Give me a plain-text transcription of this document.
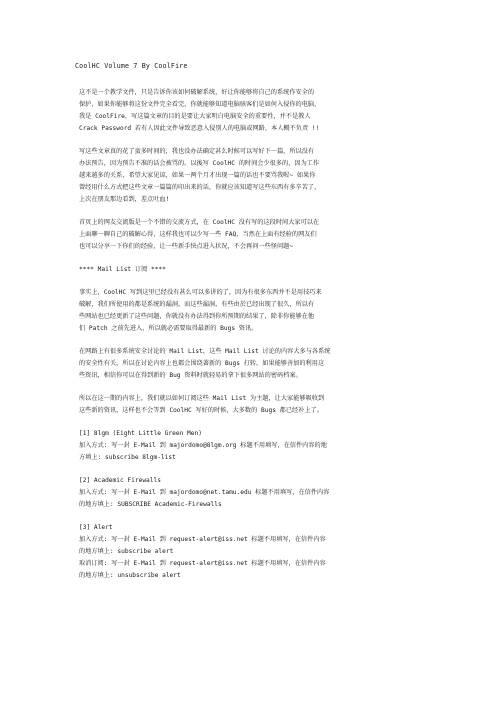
CoolHC Volume 7 By CoolFire
这不是一个教学文件，只是告诉你该如何破解系统，好让你能够将自己的系统作安全的
保护，如果你能够将这份文件完全看完，你就能够知道电脑骇客们是如何入侵你的电脑，
我是 CoolFire，写这篇文章的目的是要让大家明白电脑安全的重要性，并不是教人
Crack Password 若有人因此文件导致恶意入侵别人的电脑或网路，本人概不负责 !!
写这些文章真的花了蛮多时间的，我也没办法确定甚么时候可以写好下一篇，所以没有
办法预告，因为预告不准的话会被骂的。以後写 CoolHC 的时间会少很多的，因为工作
越来越多的关系，希望大家见谅，如果一两个月才出现一篇的话也不要骂我喔~ 如果你
曾经用什么方式把这些文章一篇篇的印出来的话，你就应该知道写这些东西有多辛苦了，
上次在朋友那边看到，差点吐血!
首页上的网友交流版是一个不错的交流方式，在 CoolHC 没有写的这段时间大家可以在
上面聊一聊自己的破解心得，这样我也可以少写一些 FAQ，当然在上面有经验的网友们
也可以分享一下你们的经验，让一些新手快点进入状况，不会再问一些怪问题~
**** Mail List 订阅 ****
事实上，CoolHC 写到这里已经没有甚么可以多讲的了，因为有很多东西并不是用技巧来
破解，我们所使用的都是系统的漏洞，而这些漏洞，有些由於已经出现了很久，所以有
些网站也已经更新了这些问题，你就没有办法得到你所预期的结果了，除非你能够在他
们 Patch 之前先进入，所以就必需要取得最新的 Bugs 资讯。
在网路上有很多系统安全讨论的 Mail List，这些 Mail List 讨论的内容大多与各系统
的安全性有关，所以在讨论内容上也都会围绕著新的 Bugs 打转，如果能够善加的利用这
些资讯，相信你可以在得到新的 Bug 资料时就轻易的拿下很多网站的密码档案。
所以在这一期的内容上，我们就以如何订阅这些 Mail List 为主题，让大家能够吸收到
这些新的资讯，这样也不会等到 CoolHC 写好的时候，大多数的 Bugs 都已经补上了。
[1] 8lgm (Eight Little Green Men)
加入方式: 写一封 E-Mail 到 majordomo@8lgm.org 标题不用填写，在信件内容的地
方填上: subscribe 8lgm-list
[2] Academic Firewalls
加入方式: 写一封 E-Mail 到 majordomo@net.tamu.edu 标题不用填写，在信件内容
的地方填上: SUBSCRIBE Academic-Firewalls
[3] Alert
加入方式: 写一封 E-Mail 到 request-alert@iss.net 标题不用填写，在信件内容
的地方填上: subscribe alert
取消订阅: 写一封 E-Mail 到 request-alert@iss.net 标题不用填写，在信件内容
的地方填上: unsubscribe alert
